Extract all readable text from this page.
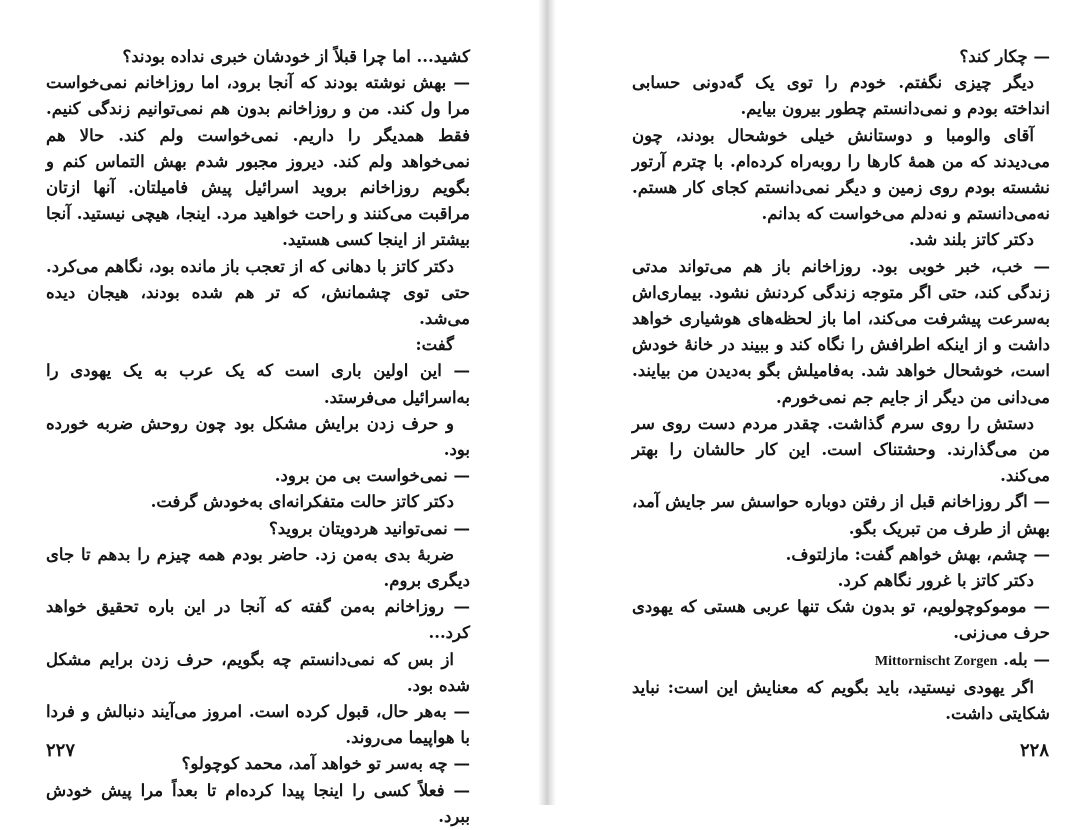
کشید... اما چرا قبلاً از خودشان خبری نداده بودند؟

— بهش نوشته بودند که آنجا برود، اما روزاخانم نمی‌خواست مرا ول کند. من و روزاخانم بدون هم نمی‌توانیم زندگی کنیم. فقط همدیگر را داریم. نمی‌خواست ولم کند. حالا هم نمی‌خواهد ولم کند. دیروز مجبور شدم بهش التماس کنم و بگویم روزاخانم بروید اسرائیل پیش فامیلتان. آنها ازتان مراقبت می‌کنند و راحت خواهید مرد. اینجا، هیچی نیستید. آنجا بیشتر از اینجا کسی هستید.

دکتر کاتز با دهانی که از تعجب باز مانده بود، نگاهم می‌کرد. حتی توی چشمانش، که تر هم شده بودند، هیجان دیده می‌شد.

گفت:

— این اولین باری است که یک عرب به یک یهودی را به‌اسرائیل می‌فرستد.

و حرف زدن برایش مشکل بود چون روحش ضربه خورده بود.

— نمی‌خواست بی من برود.

دکتر کاتز حالت متفکرانه‌ای به‌خودش گرفت.

— نمی‌توانید هردویتان بروید؟

ضربهٔ بدی به‌من زد. حاضر بودم همه چیزم را بدهم تا جای دیگری بروم.

— روزاخانم به‌من گفته که آنجا در این باره تحقیق خواهد کرد...

از بس که نمی‌دانستم چه بگویم، حرف زدن برایم مشکل شده بود.

— به‌هر حال، قبول کرده است. امروز می‌آیند دنبالش و فردا با هواپیما می‌روند.

— چه به‌سر تو خواهد آمد، محمد کوچولو؟

— فعلاً کسی را اینجا پیدا کرده‌ام تا بعداً مرا پیش خودش ببرد.

۲۲۷

— چکار کند؟

دیگر چیزی نگفتم. خودم را توی یک گه‌دونی حسابی انداخته بودم و نمی‌دانستم چطور بیرون بیایم.

آقای والومبا و دوستانش خیلی خوشحال بودند، چون می‌دیدند که من همهٔ کارها را رو‌به‌راه کرده‌ام. با چترم آرتور نشسته بودم روی زمین و دیگر نمی‌دانستم کجای کار هستم. نه‌می‌دانستم و نه‌دلم می‌خواست که بدانم.

دکتر کاتز بلند شد.

— خب، خبر خوبی بود. روزاخانم باز هم می‌تواند مدتی زندگی کند، حتی اگر متوجه زندگی کردنش نشود. بیماری‌اش به‌سرعت پیشرفت می‌کند، اما باز لحظه‌های هوشیاری خواهد داشت و از اینکه اطرافش را نگاه کند و ببیند در خانهٔ خودش است، خوشحال خواهد شد. به‌فامیلش بگو به‌دیدن من بیایند. می‌دانی من دیگر از جایم جم نمی‌خورم.

دستش را روی سرم گذاشت. چقدر مردم دست روی سر من می‌گذارند. وحشتناک است. این کار حالشان را بهتر می‌کند.

— اگر روزاخانم قبل از رفتن دوباره حواسش سر جایش آمد، بهش از طرف من تبریک بگو.

— چشم، بهش خواهم گفت: مازلتوف.

دکتر کاتز با غرور نگاهم کرد.

— موموکوچولویم، تو بدون شک تنها عربی هستی که یهودی حرف می‌زنی.

— بله. Mittornischt Zorgen

اگر یهودی نیستید، باید بگویم که معنایش این است: نباید شکایتی داشت.

۲۲۸
